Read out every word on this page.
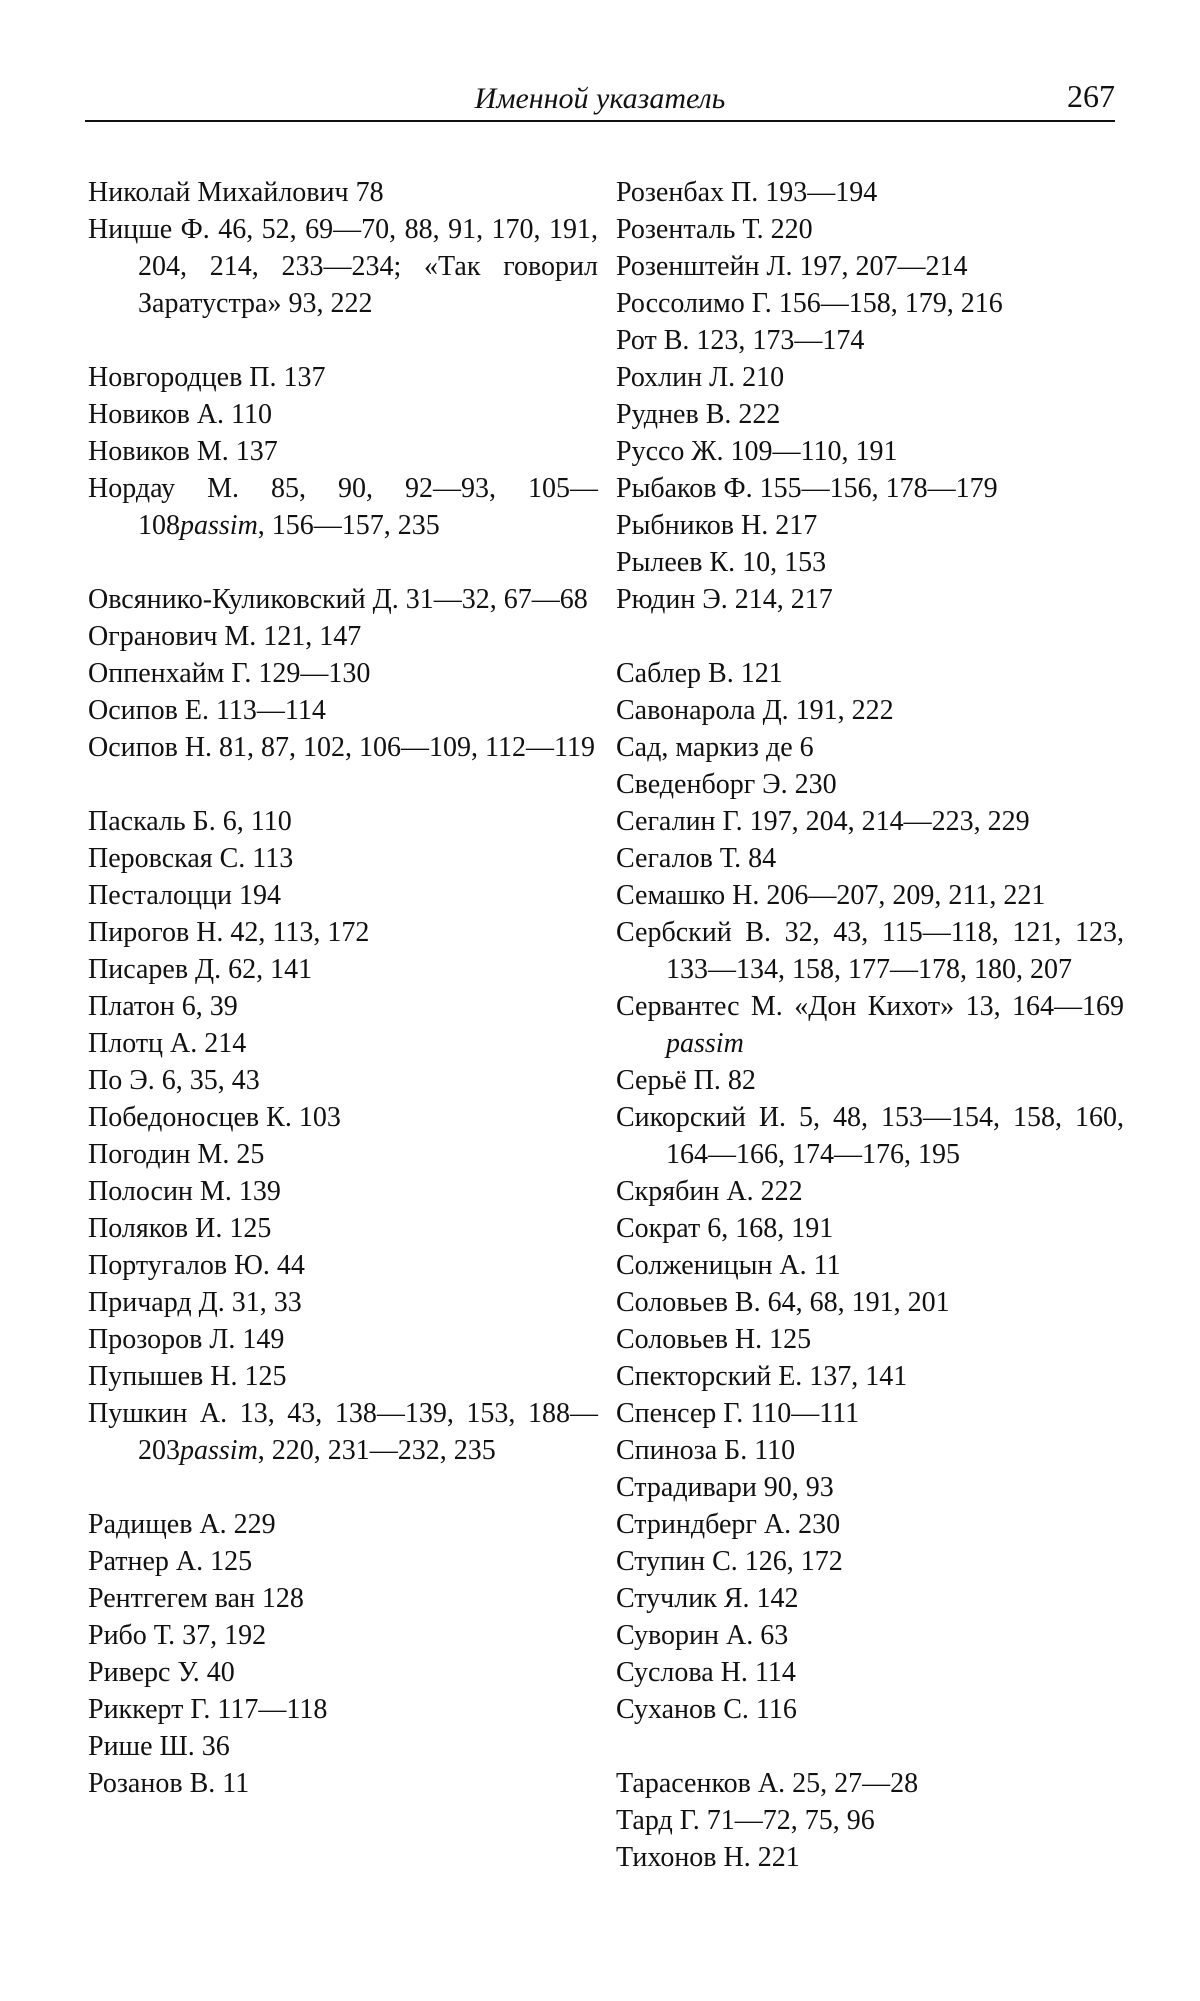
Именной указатель	267

Николай Михайлович 78

Ницше Ф. 46, 52, 69—70, 88, 91, 170, 191, 204, 214, 233—234; «Так говорил Заратустра» 93, 222

Новгородцев П. 137

Новиков А. 110

Новиков М. 137

Нордау М. 85, 90, 92—93, 105—108passim, 156—157, 235

Овсянико-Куликовский Д. 31—32, 67—68

Огранович М. 121, 147

Оппенхайм Г. 129—130

Осипов Е. 113—114

Осипов Н. 81, 87, 102, 106—109, 112—119

Паскаль Б. 6, 110

Перовская С. 113

Песталоцци 194

Пирогов Н. 42, 113, 172

Писарев Д. 62, 141

Платон 6, 39

Плотц А. 214

По Э. 6, 35, 43

Победоносцев К. 103

Погодин М. 25

Полосин М. 139

Поляков И. 125

Португалов Ю. 44

Причард Д. 31, 33

Прозоров Л. 149

Пупышев Н. 125

Пушкин А. 13, 43, 138—139, 153, 188—203passim, 220, 231—232, 235

Радищев А. 229

Ратнер А. 125

Рентгегем ван 128

Рибо Т. 37, 192

Риверс У. 40

Риккерт Г. 117—118

Рише Ш. 36

Розанов В. 11

Розенбах П. 193—194

Розенталь Т. 220

Розенштейн Л. 197, 207—214

Россолимо Г. 156—158, 179, 216

Рот В. 123, 173—174

Рохлин Л. 210

Руднев В. 222

Руссо Ж. 109—110, 191

Рыбаков Ф. 155—156, 178—179

Рыбников Н. 217

Рылеев К. 10, 153

Рюдин Э. 214, 217

Саблер В. 121

Савонарола Д. 191, 222

Сад, маркиз де 6

Сведенборг Э. 230

Сегалин Г. 197, 204, 214—223, 229

Сегалов Т. 84

Семашко Н. 206—207, 209, 211, 221

Сербский В. 32, 43, 115—118, 121, 123, 133—134, 158, 177—178, 180, 207

Сервантес М. «Дон Кихот» 13, 164—169 passim

Серьё П. 82

Сикорский И. 5, 48, 153—154, 158, 160, 164—166, 174—176, 195

Скрябин А. 222

Сократ 6, 168, 191

Солженицын А. 11

Соловьев В. 64, 68, 191, 201

Соловьев Н. 125

Спекторский Е. 137, 141

Спенсер Г. 110—111

Спиноза Б. 110

Страдивари 90, 93

Стриндберг А. 230

Ступин С. 126, 172

Стучлик Я. 142

Суворин А. 63

Суслова Н. 114

Суханов С. 116

Тарасенков А. 25, 27—28

Тард Г. 71—72, 75, 96

Тихонов Н. 221
